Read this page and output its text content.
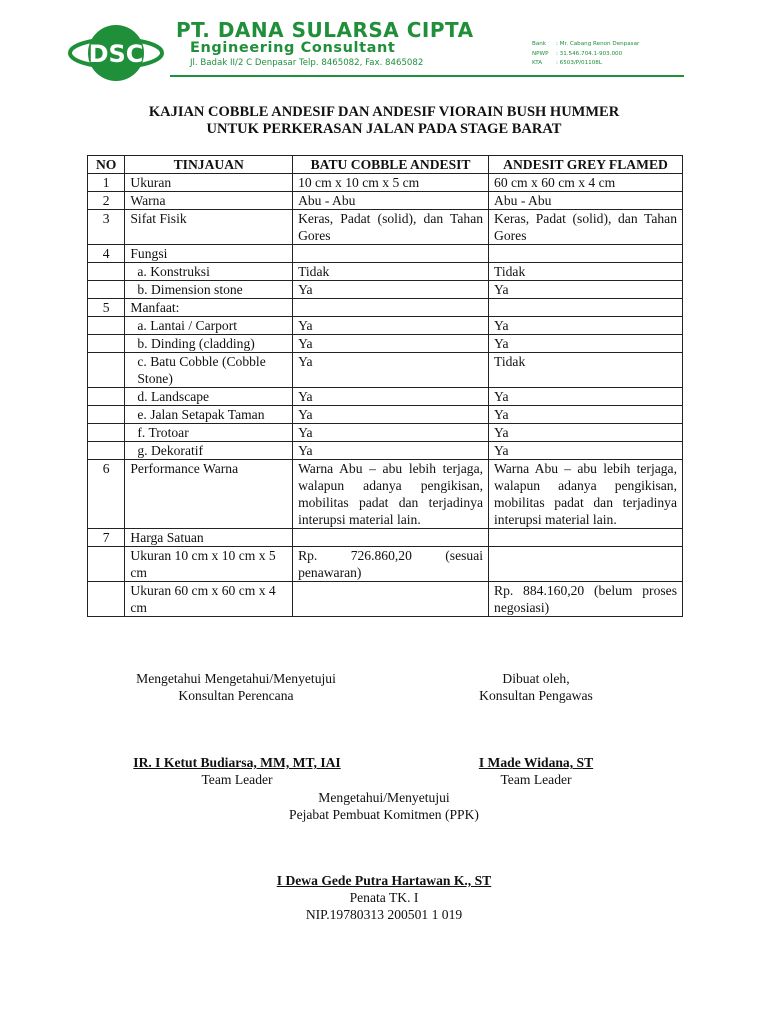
DSC
PT. DANA SULARSA CIPTA
Engineering Consultant
Jl. Badak II/2 C Denpasar Telp. 8465082, Fax. 8465082
Bank : Mr. Cabang Renon Denpasar
NPWP : 31.546.704.1-903.000
KTA : 6503/P/01108L
KAJIAN COBBLE ANDESIF DAN ANDESIF VIORAIN BUSH HUMMER
UNTUK PERKERASAN JALAN PADA STAGE BARAT
NO	TINJAUAN	BATU COBBLE ANDESIT	ANDESIT GREY FLAMED
1	Ukuran	10 cm x 10 cm x 5 cm	60 cm x 60 cm x 4 cm
2	Warna	Abu - Abu	Abu - Abu
3	Sifat Fisik	Keras, Padat (solid), dan Tahan Gores	Keras, Padat (solid), dan Tahan Gores
4	Fungsi		
	a. Konstruksi	Tidak	Tidak
	b. Dimension stone	Ya	Ya
5	Manfaat:		
	a. Lantai / Carport	Ya	Ya
	b. Dinding (cladding)	Ya	Ya
	c. Batu Cobble (Cobble Stone)	Ya	Tidak
	d. Landscape	Ya	Ya
	e. Jalan Setapak Taman	Ya	Ya
	f. Trotoar	Ya	Ya
	g. Dekoratif	Ya	Ya
6	Performance Warna	Warna Abu – abu lebih terjaga, walapun adanya pengikisan, mobilitas padat dan terjadinya interupsi material lain.	Warna Abu – abu lebih terjaga, walapun adanya pengikisan, mobilitas padat dan terjadinya interupsi material lain.
7	Harga Satuan		
	Ukuran 10 cm x 10 cm x 5 cm	Rp. 726.860,20 (sesuai penawaran)	
	Ukuran 60 cm x 60 cm x 4 cm		Rp. 884.160,20 (belum proses negosiasi)
Mengetahui Mengetahui/Menyetujui
Konsultan Perencana
Dibuat oleh,
Konsultan Pengawas
IR. I Ketut Budiarsa, MM, MT, IAI
Team Leader
I Made Widana, ST
Team Leader
Mengetahui/Menyetujui
Pejabat Pembuat Komitmen (PPK)
I Dewa Gede Putra Hartawan K., ST
Penata TK. I
NIP.19780313 200501 1 019
